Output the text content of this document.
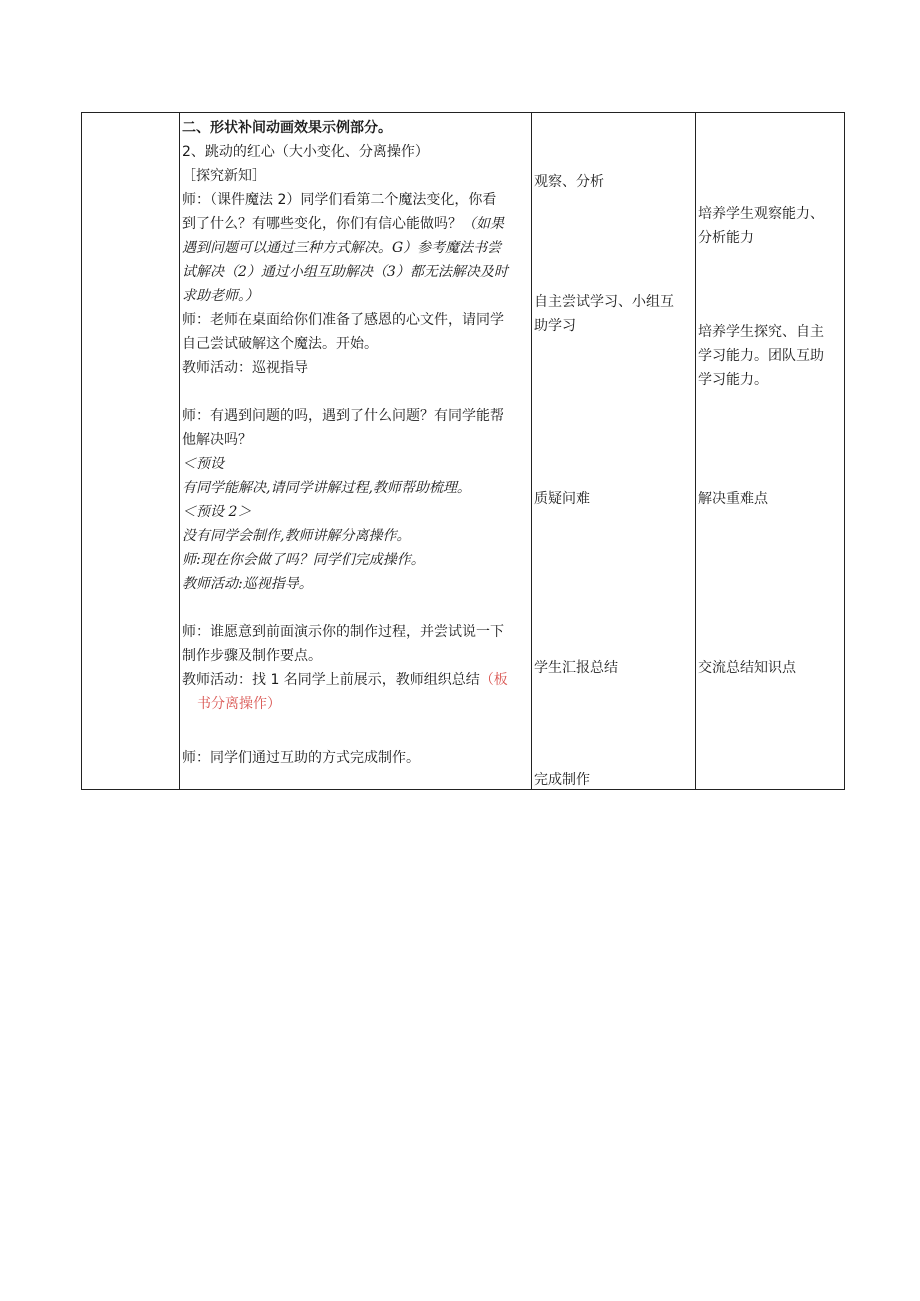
二、形状补间动画效果示例部分。
2、跳动的红心（大小变化、分离操作）
［探究新知］
师：（课件魔法 2）同学们看第二个魔法变化，你看
到了什么？有哪些变化，你们有信心能做吗？（如果
遇到问题可以通过三种方式解决。G）参考魔法书尝
试解决（2）通过小组互助解决（3）都无法解决及时
求助老师。）
师：老师在桌面给你们准备了感恩的心文件，请同学
自己尝试破解这个魔法。开始。
教师活动：巡视指导
师：有遇到问题的吗，遇到了什么问题？有同学能帮
他解决吗？
＜预设
有同学能解决,请同学讲解过程,教师帮助梳理。
＜预设 2＞
没有同学会制作,教师讲解分离操作。
师:现在你会做了吗？同学们完成操作。
教师活动:巡视指导。
师：谁愿意到前面演示你的制作过程，并尝试说一下
制作步骤及制作要点。
教师活动：找 1 名同学上前展示，教师组织总结（板
书分离操作）
师：同学们通过互助的方式完成制作。
观察、分析
自主尝试学习、小组互
助学习
质疑问难
学生汇报总结
完成制作
培养学生观察能力、
分析能力
培养学生探究、自主
学习能力。团队互助
学习能力。
解决重难点
交流总结知识点
